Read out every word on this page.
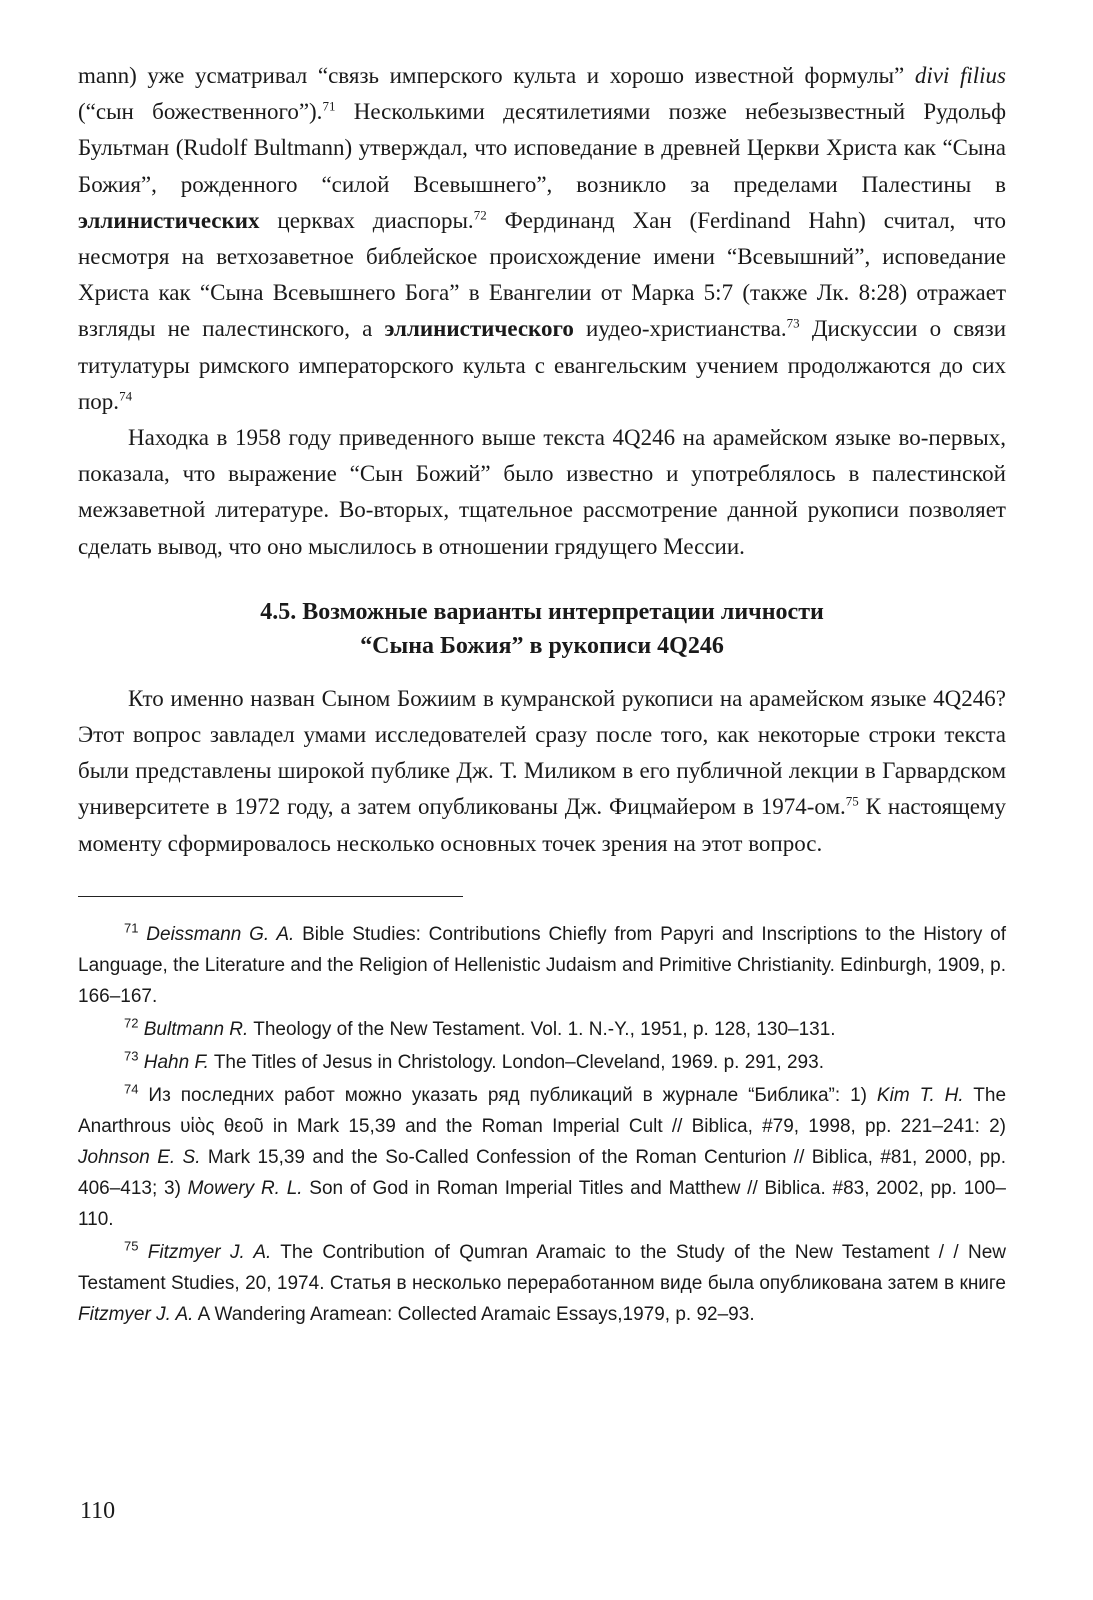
mann) уже усматривал “связь имперского культа и хорошо известной формулы” divi filius (“сын божественного”).$^{71}$ Несколькими десятилетиями позже небезызвестный Рудольф Бультман (Rudolf Bultmann) утверждал, что исповедание в древней Церкви Христа как “Сына Божия”, рожденного “силой Всевышнего”, возникло за пределами Палестины в эллинистических церквах диаспоры.$^{72}$ Фердинанд Хан (Ferdinand Hahn) считал, что несмотря на ветхозаветное библейское происхождение имени “Всевышний”, исповедание Христа как “Сына Всевышнего Бога” в Евангелии от Марка 5:7 (также Лк. 8:28) отражает взгляды не палестинского, а эллинистического иудео-христианства.$^{73}$ Дискуссии о связи титулатуры римского императорского культа с евангельским учением продолжаются до сих пор.$^{74}$

Находка в 1958 году приведенного выше текста 4Q246 на арамейском языке во-первых, показала, что выражение “Сын Божий” было известно и употреблялось в палестинской межзаветной литературе. Во-вторых, тщательное рассмотрение данной рукописи позволяет сделать вывод, что оно мыслилось в отношении грядущего Мессии.

4.5. Возможные варианты интерпретации личности
“Сына Божия” в рукописи 4Q246

Кто именно назван Сыном Божиим в кумранской рукописи на арамейском языке 4Q246? Этот вопрос завладел умами исследователей сразу после того, как некоторые строки текста были представлены широкой публике Дж. Т. Миликом в его публичной лекции в Гарвардском университете в 1972 году, а затем опубликованы Дж. Фицмайером в 1974-ом.$^{75}$ К настоящему моменту сформировалось несколько основных точек зрения на этот вопрос.

$^{71}$ Deissmann G. A. Bible Studies: Contributions Chiefly from Papyri and Inscriptions to the History of Language, the Literature and the Religion of Hellenistic Judaism and Primitive Christianity. Edinburgh, 1909, p. 166–167.

$^{72}$ Bultmann R. Theology of the New Testament. Vol. 1. N.-Y., 1951, p. 128, 130–131.

$^{73}$ Hahn F. The Titles of Jesus in Christology. London–Cleveland, 1969. p. 291, 293.

$^{74}$ Из последних работ можно указать ряд публикаций в журнале “Библика”: 1) Kim T. H. The Anarthrous υἱὸς θεοῦ in Mark 15,39 and the Roman Imperial Cult // Biblica, #79, 1998, pp. 221–241: 2) Johnson E. S. Mark 15,39 and the So-Called Confession of the Roman Centurion // Biblica, #81, 2000, pp. 406–413; 3) Mowery R. L. Son of God in Roman Imperial Titles and Matthew // Biblica. #83, 2002, pp. 100–110.

$^{75}$ Fitzmyer J. A. The Contribution of Qumran Aramaic to the Study of the New Testament / / New Testament Studies, 20, 1974. Статья в несколько переработанном виде была опубликована затем в книге Fitzmyer J. A. A Wandering Aramean: Collected Aramaic Essays,1979, p. 92–93.

110
